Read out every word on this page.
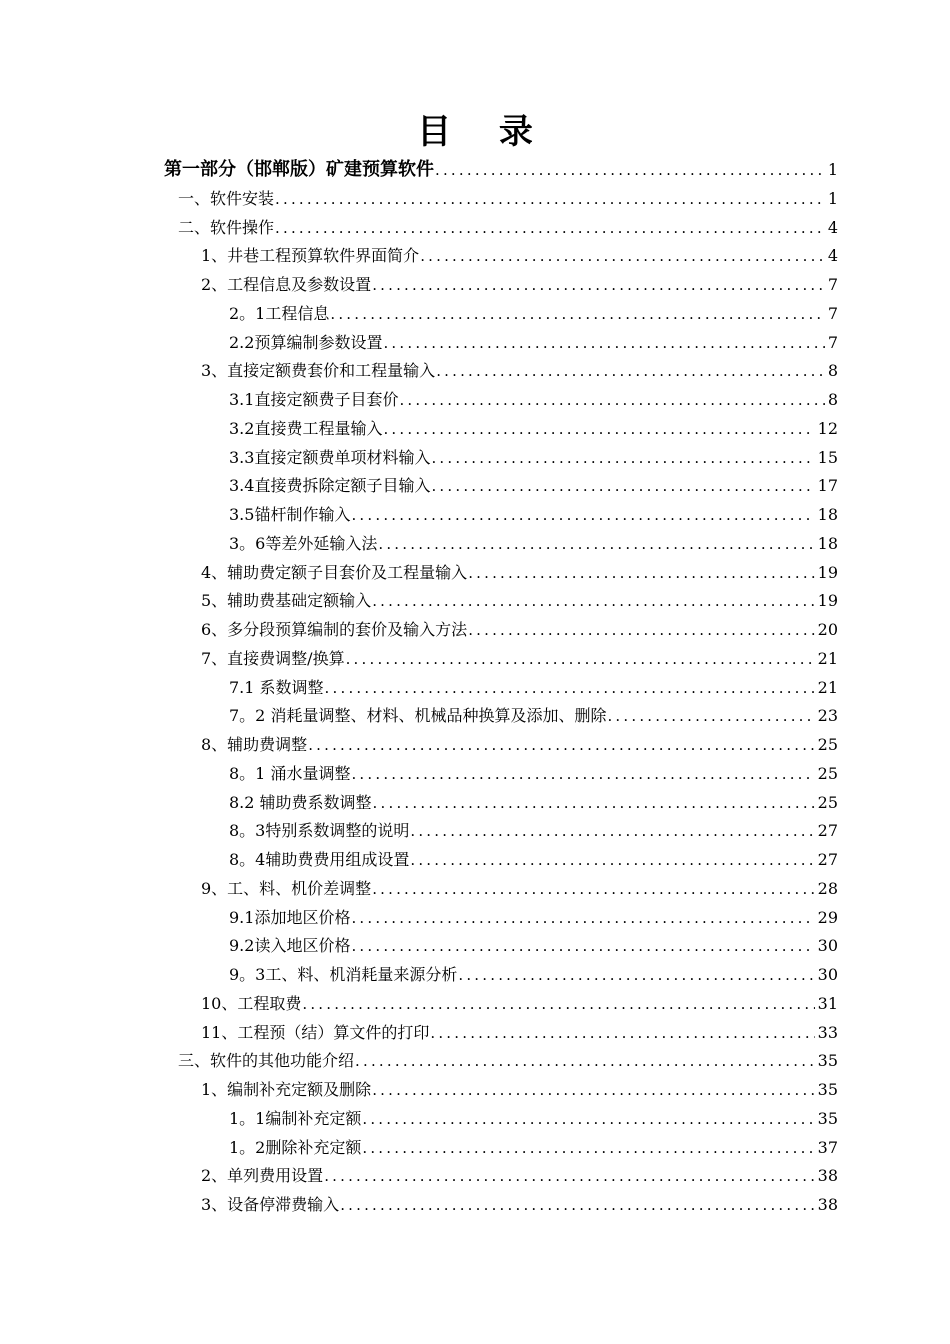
目 录
第一部分（邯郸版）矿建预算软件 .....	1
一、软件安装 .....	1
二、软件操作 .....	4
1、井巷工程预算软件界面简介 .....	4
2、工程信息及参数设置 .....	7
2。1工程信息 .....	7
2.2预算编制参数设置 .....	7
3、直接定额费套价和工程量输入 .....	8
3.1直接定额费子目套价 .....	8
3.2直接费工程量输入 .....	12
3.3直接定额费单项材料输入 .....	15
3.4直接费拆除定额子目输入 .....	17
3.5锚杆制作输入 .....	18
3。6等差外延输入法 .....	18
4、辅助费定额子目套价及工程量输入 .....	19
5、辅助费基础定额输入 .....	19
6、多分段预算编制的套价及输入方法 .....	20
7、直接费调整/换算 .....	21
7.1 系数调整 .....	21
7。2 消耗量调整、材料、机械品种换算及添加、删除 .....	23
8、辅助费调整 .....	25
8。1 涌水量调整 .....	25
8.2 辅助费系数调整 .....	25
8。3特别系数调整的说明 .....	27
8。4辅助费费用组成设置 .....	27
9、工、料、机价差调整 .....	28
9.1添加地区价格 .....	29
9.2读入地区价格 .....	30
9。3工、料、机消耗量来源分析 .....	30
10、工程取费 .....	31
11、工程预（结）算文件的打印 .....	33
三、软件的其他功能介绍 .....	35
1、编制补充定额及删除 .....	35
1。1编制补充定额 .....	35
1。2删除补充定额 .....	37
2、单列费用设置 .....	38
3、设备停滞费输入 .....	38
